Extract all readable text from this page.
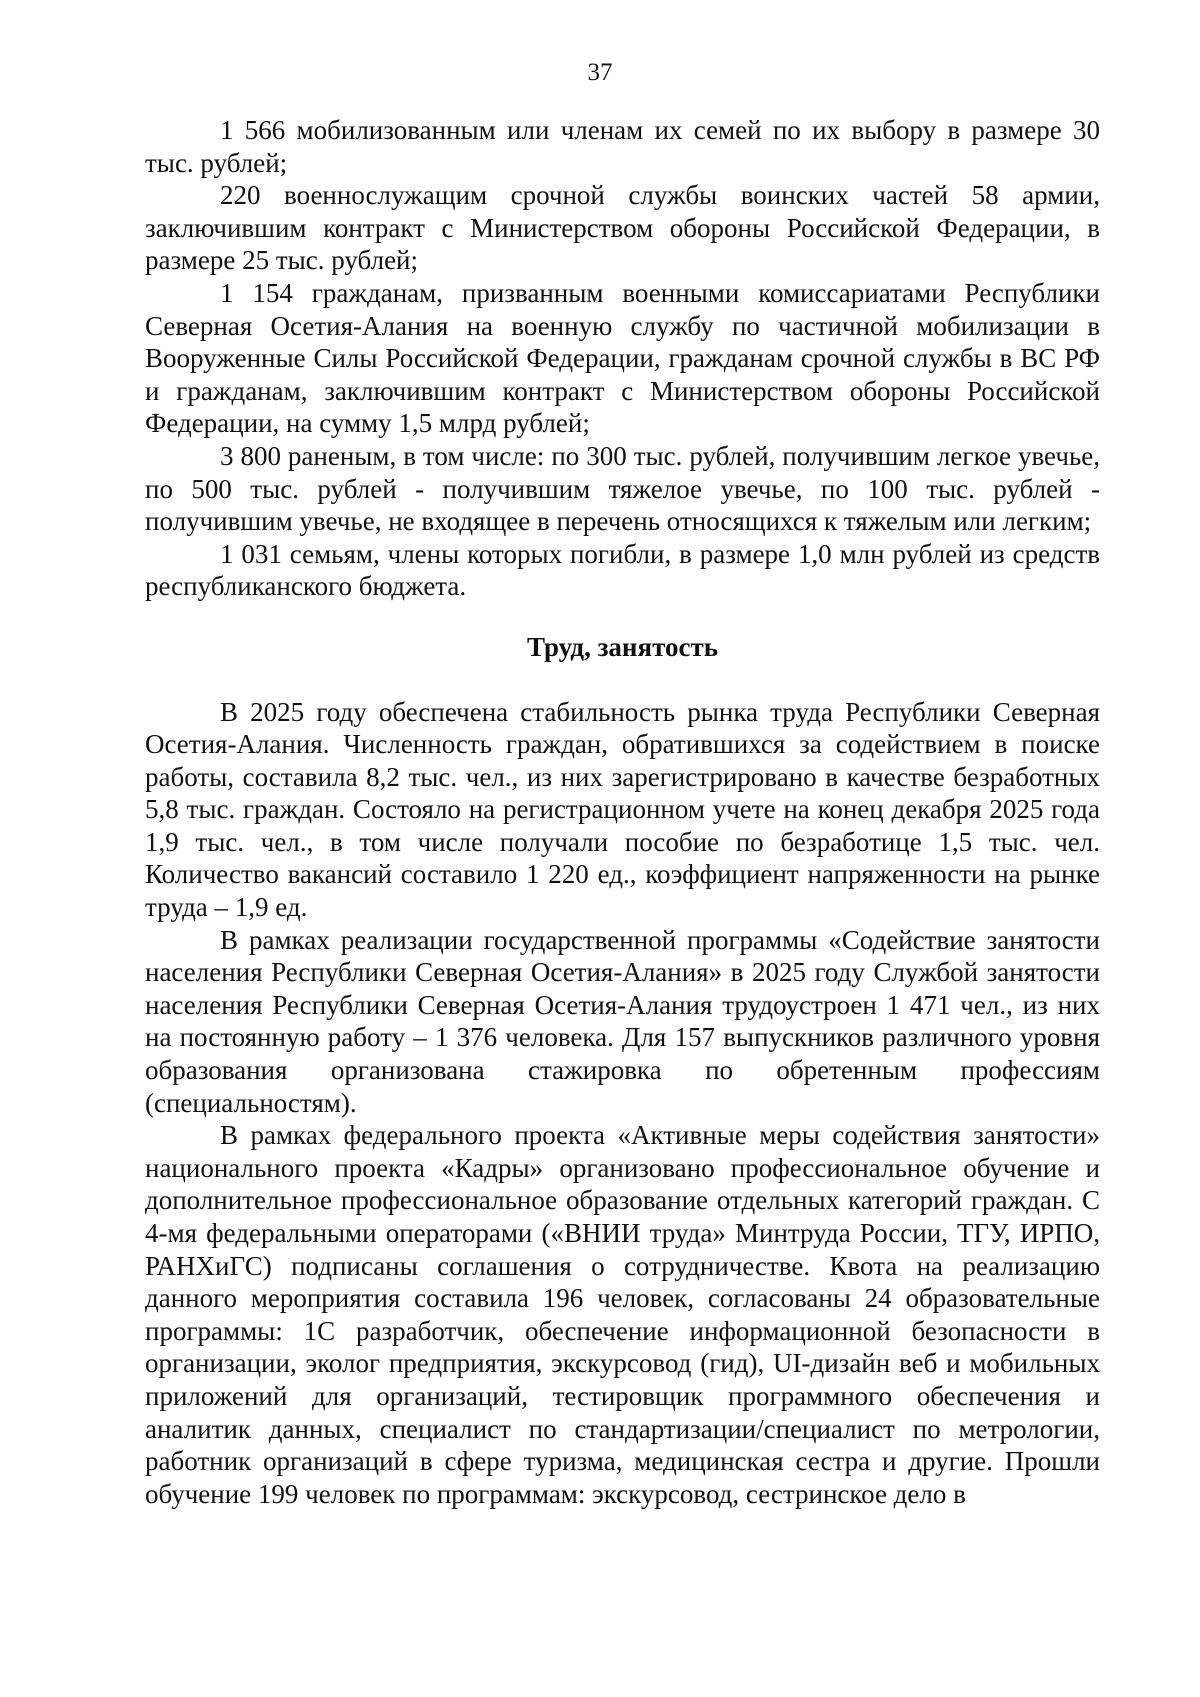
37

1 566 мобилизованным или членам их семей по их выбору в размере 30 тыс. рублей;

220 военнослужащим срочной службы воинских частей 58 армии, заключившим контракт с Министерством обороны Российской Федерации, в размере 25 тыс. рублей;

1 154 гражданам, призванным военными комиссариатами Республики Северная Осетия-Алания на военную службу по частичной мобилизации в Вооруженные Силы Российской Федерации, гражданам срочной службы в ВС РФ и гражданам, заключившим контракт с Министерством обороны Российской Федерации, на сумму 1,5 млрд рублей;

3 800 раненым, в том числе: по 300 тыс. рублей, получившим легкое увечье, по 500 тыс. рублей - получившим тяжелое увечье, по 100 тыс. рублей - получившим увечье, не входящее в перечень относящихся к тяжелым или легким;

1 031 семьям, члены которых погибли, в размере 1,0 млн рублей из средств республиканского бюджета.

Труд, занятость

В 2025 году обеспечена стабильность рынка труда Республики Северная Осетия-Алания. Численность граждан, обратившихся за содействием в поиске работы, составила 8,2 тыс. чел., из них зарегистрировано в качестве безработных 5,8 тыс. граждан. Состояло на регистрационном учете на конец декабря 2025 года 1,9 тыс. чел., в том числе получали пособие по безработице 1,5 тыс. чел. Количество вакансий составило 1 220 ед., коэффициент напряженности на рынке труда – 1,9 ед.

В рамках реализации государственной программы «Содействие занятости населения Республики Северная Осетия-Алания» в 2025 году Службой занятости населения Республики Северная Осетия-Алания трудоустроен 1 471 чел., из них на постоянную работу – 1 376 человека. Для 157 выпускников различного уровня образования организована стажировка по обретенным профессиям (специальностям).

В рамках федерального проекта «Активные меры содействия занятости» национального проекта «Кадры» организовано профессиональное обучение и дополнительное профессиональное образование отдельных категорий граждан. С 4-мя федеральными операторами («ВНИИ труда» Минтруда России, ТГУ, ИРПО, РАНХиГС) подписаны соглашения о сотрудничестве. Квота на реализацию данного мероприятия составила 196 человек, согласованы 24 образовательные программы: 1С разработчик, обеспечение информационной безопасности в организации, эколог предприятия, экскурсовод (гид), UI-дизайн веб и мобильных приложений для организаций, тестировщик программного обеспечения и аналитик данных, специалист по стандартизации/специалист по метрологии, работник организаций в сфере туризма, медицинская сестра и другие. Прошли обучение 199 человек по программам: экскурсовод, сестринское дело в
